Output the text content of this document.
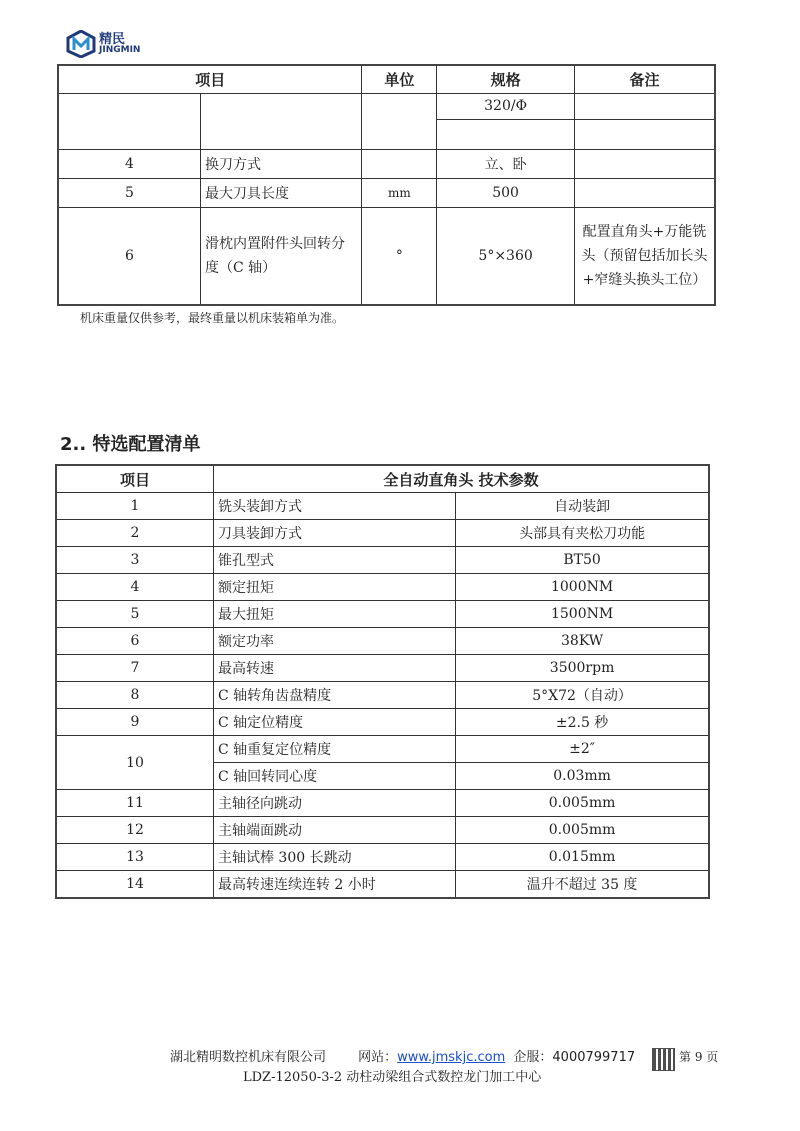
精民
JINGMIN
项目		单位	规格	备注
			320/Φ	

4	换刀方式		立、卧	
5	最大刀具长度	mm	500	
6	滑枕内置附件头回转分度（C 轴）	°	5°×360	配置直角头+万能铣头（预留包括加长头+窄缝头换头工位）
机床重量仅供参考，最终重量以机床装箱单为准。
2.. 特选配置清单
项目	全自动直角头 技术参数	
1	铣头装卸方式	自动装卸
2	刀具装卸方式	头部具有夹松刀功能
3	锥孔型式	BT50
4	额定扭矩	1000NM
5	最大扭矩	1500NM
6	额定功率	38KW
7	最高转速	3500rpm
8	C 轴转角齿盘精度	5°X72（自动）
9	C 轴定位精度	±2.5 秒
10	C 轴重复定位精度	±2″
	C 轴回转同心度	0.03mm
11	主轴径向跳动	0.005mm
12	主轴端面跳动	0.005mm
13	主轴试棒 300 长跳动	0.015mm
14	最高转速连续连转 2 小时	温升不超过 35 度
湖北精明数控机床有限公司 网站：www.jmskjc.com 企服：4000799717	第 9 页
LDZ-12050-3-2 动柱动梁组合式数控龙门加工中心
